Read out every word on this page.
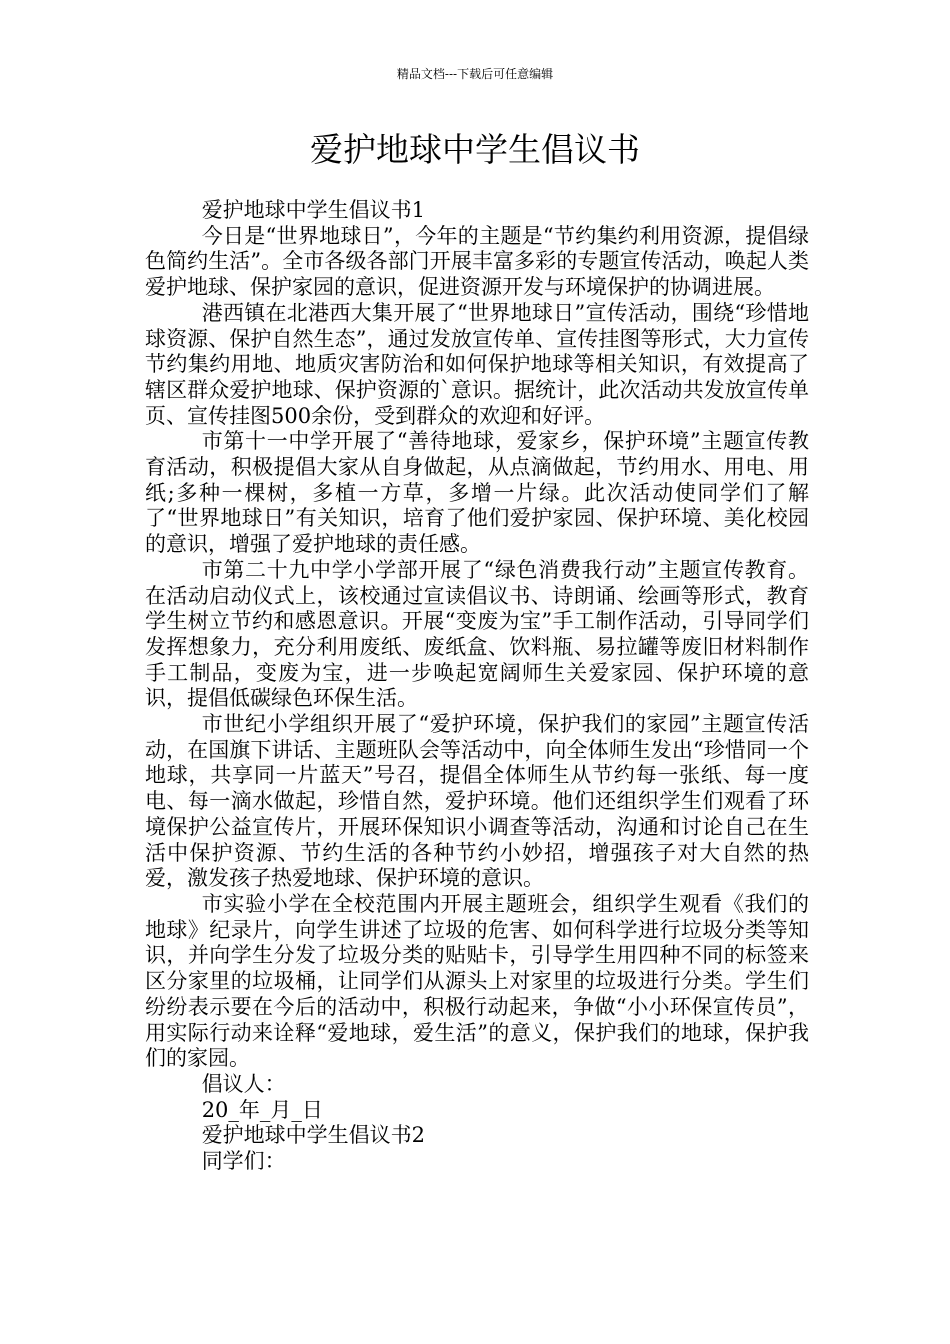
精品文档---下载后可任意编辑
爱护地球中学生倡议书

爱护地球中学生倡议书1

今日是“世界地球日”，今年的主题是“节约集约利用资源，提倡绿色简约生活”。全市各级各部门开展丰富多彩的专题宣传活动，唤起人类爱护地球、保护家园的意识，促进资源开发与环境保护的协调进展。

港西镇在北港西大集开展了“世界地球日”宣传活动，围绕“珍惜地球资源、保护自然生态”，通过发放宣传单、宣传挂图等形式，大力宣传节约集约用地、地质灾害防治和如何保护地球等相关知识，有效提高了辖区群众爱护地球、保护资源的`意识。据统计，此次活动共发放宣传单页、宣传挂图500余份，受到群众的欢迎和好评。

市第十一中学开展了“善待地球，爱家乡，保护环境”主题宣传教育活动，积极提倡大家从自身做起，从点滴做起，节约用水、用电、用纸;多种一棵树，多植一方草，多增一片绿。此次活动使同学们了解了“世界地球日”有关知识，培育了他们爱护家园、保护环境、美化校园的意识，增强了爱护地球的责任感。

市第二十九中学小学部开展了“绿色消费我行动”主题宣传教育。在活动启动仪式上，该校通过宣读倡议书、诗朗诵、绘画等形式，教育学生树立节约和感恩意识。开展“变废为宝”手工制作活动，引导同学们发挥想象力，充分利用废纸、废纸盒、饮料瓶、易拉罐等废旧材料制作手工制品，变废为宝，进一步唤起宽阔师生关爱家园、保护环境的意识，提倡低碳绿色环保生活。

市世纪小学组织开展了“爱护环境，保护我们的家园”主题宣传活动，在国旗下讲话、主题班队会等活动中，向全体师生发出“珍惜同一个地球，共享同一片蓝天”号召，提倡全体师生从节约每一张纸、每一度电、每一滴水做起，珍惜自然，爱护环境。他们还组织学生们观看了环境保护公益宣传片，开展环保知识小调查等活动，沟通和讨论自己在生活中保护资源、节约生活的各种节约小妙招，增强孩子对大自然的热爱，激发孩子热爱地球、保护环境的意识。

市实验小学在全校范围内开展主题班会，组织学生观看《我们的地球》纪录片，向学生讲述了垃圾的危害、如何科学进行垃圾分类等知识，并向学生分发了垃圾分类的贴贴卡，引导学生用四种不同的标签来区分家里的垃圾桶，让同学们从源头上对家里的垃圾进行分类。学生们纷纷表示要在今后的活动中，积极行动起来，争做“小小环保宣传员”，用实际行动来诠释“爱地球，爱生活”的意义，保护我们的地球，保护我们的家园。

倡议人：

20_年_月_日

爱护地球中学生倡议书2

同学们：
